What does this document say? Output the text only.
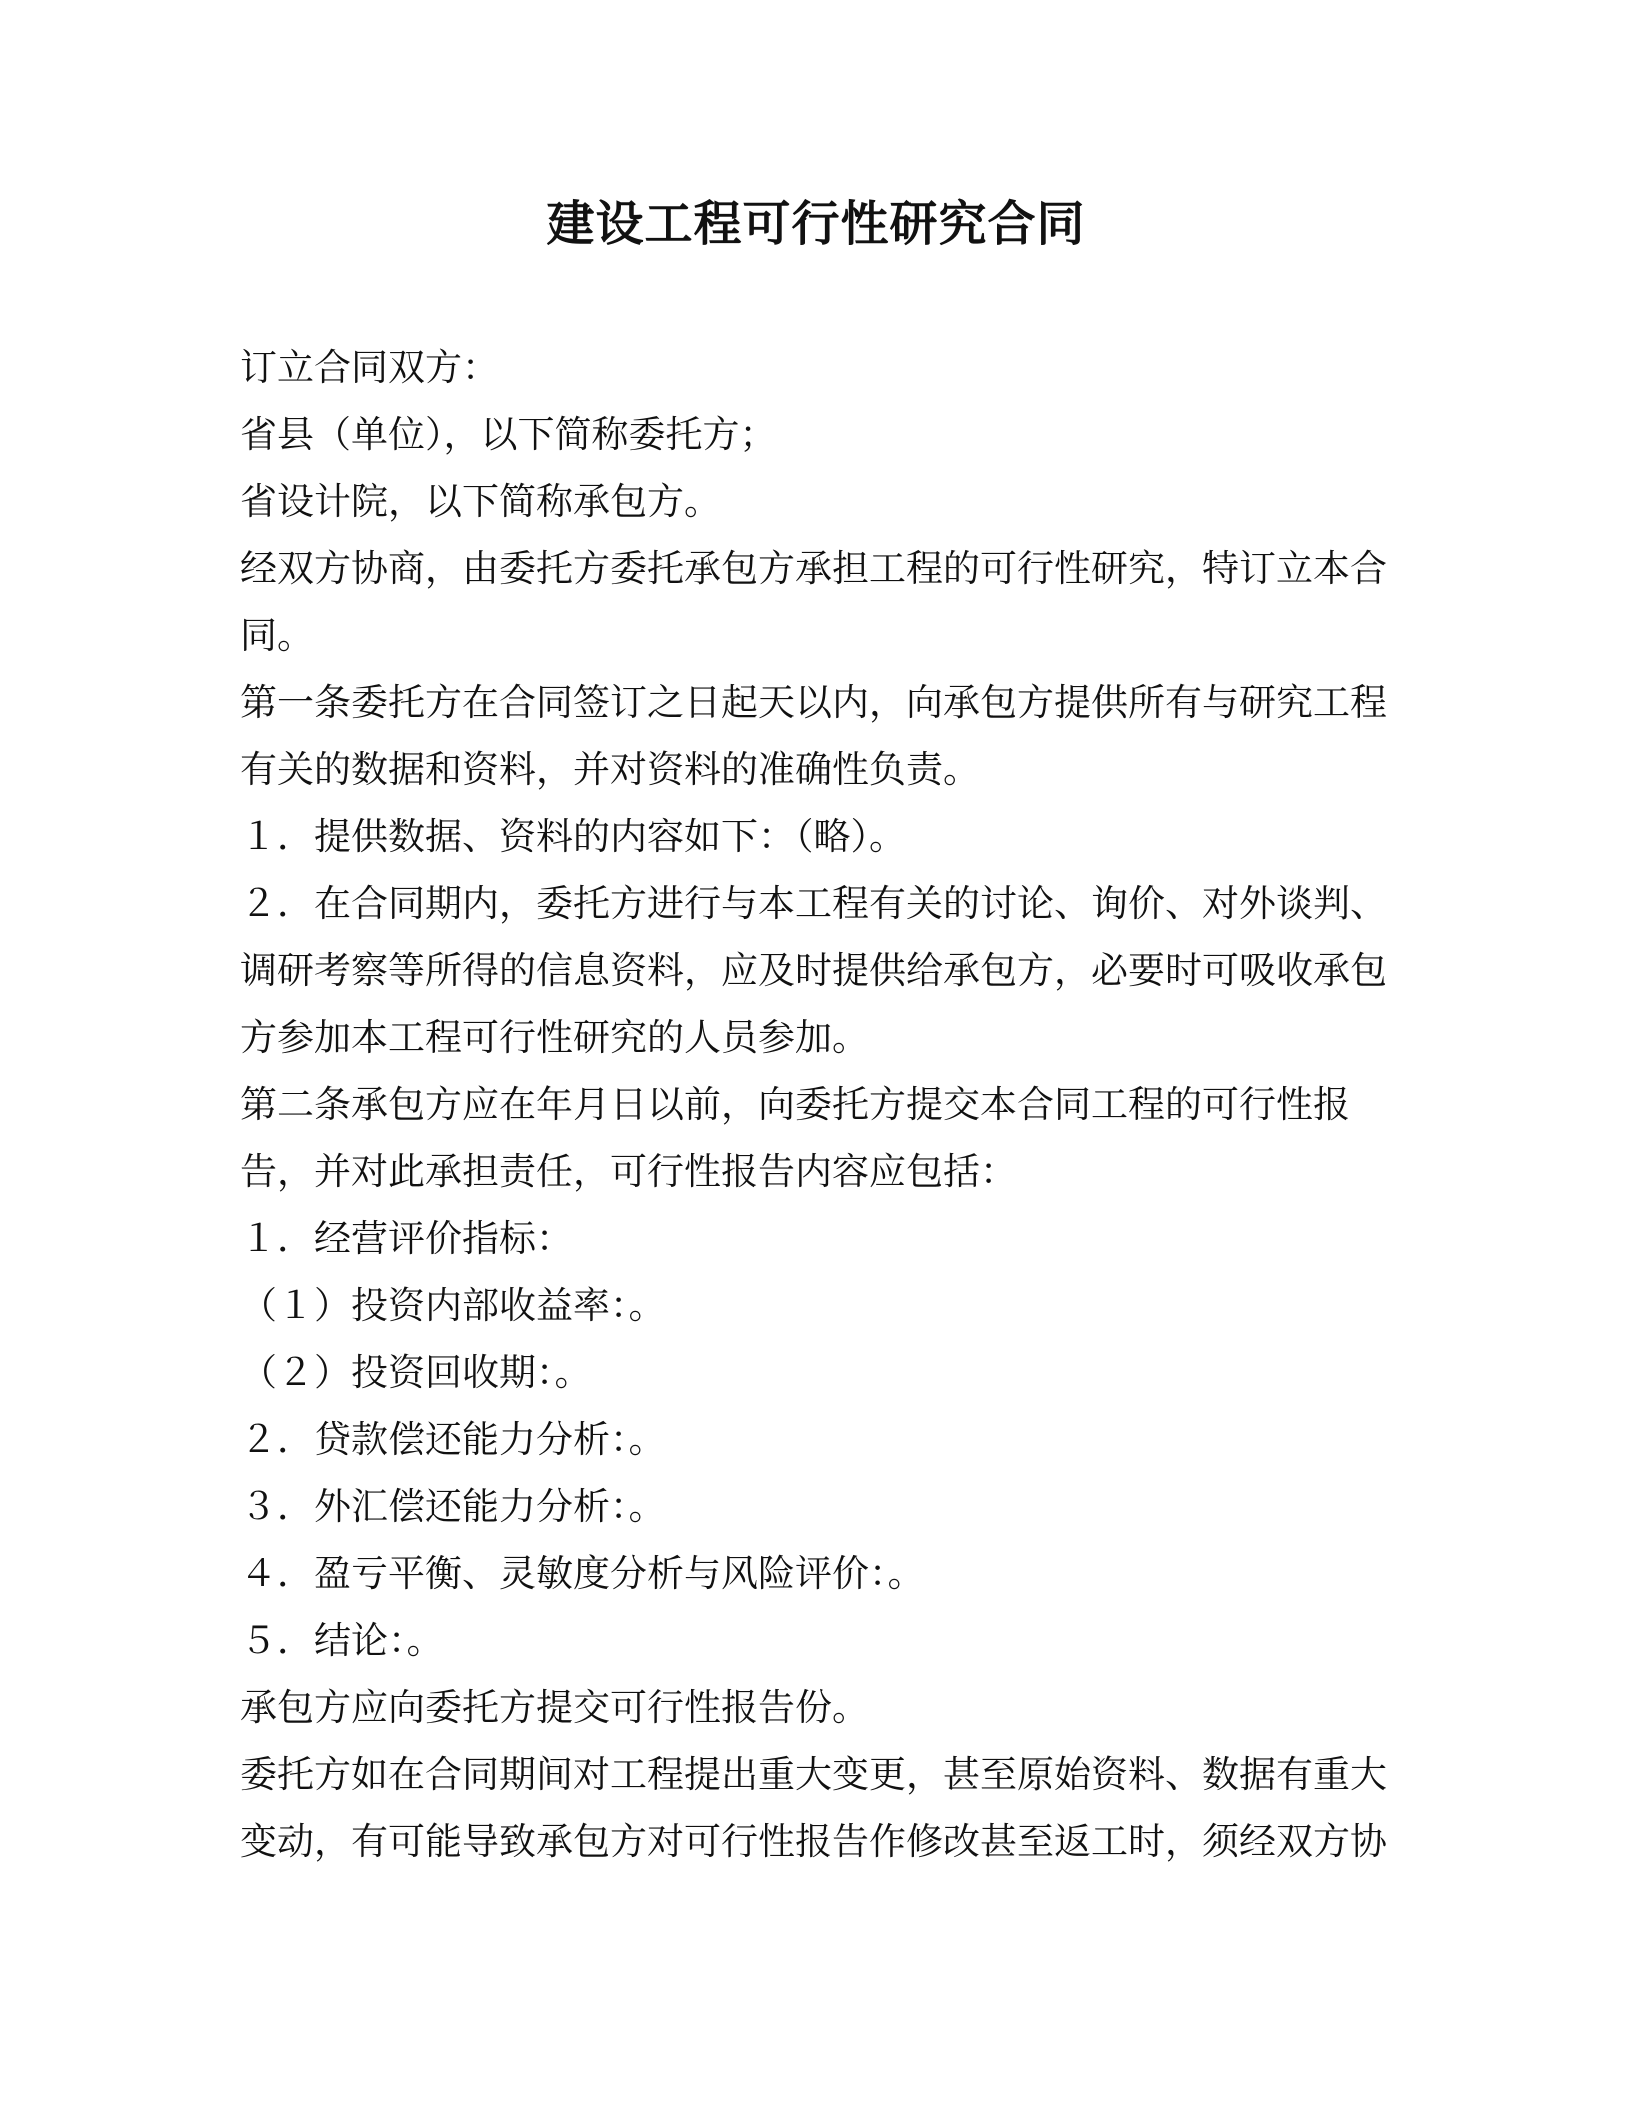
建设工程可行性研究合同

订立合同双方：

省县（单位），以下简称委托方；

省设计院，以下简称承包方。

经双方协商，由委托方委托承包方承担工程的可行性研究，特订立本合

同。

第一条委托方在合同签订之日起天以内，向承包方提供所有与研究工程

有关的数据和资料，并对资料的准确性负责。

１．提供数据、资料的内容如下：（略）。

２．在合同期内，委托方进行与本工程有关的讨论、询价、对外谈判、

调研考察等所得的信息资料，应及时提供给承包方，必要时可吸收承包

方参加本工程可行性研究的人员参加。

第二条承包方应在年月日以前，向委托方提交本合同工程的可行性报

告，并对此承担责任，可行性报告内容应包括：

１．经营评价指标：

（１）投资内部收益率：。

（２）投资回收期：。

２．贷款偿还能力分析：。

３．外汇偿还能力分析：。

４．盈亏平衡、灵敏度分析与风险评价：。

５．结论：。

承包方应向委托方提交可行性报告份。

委托方如在合同期间对工程提出重大变更，甚至原始资料、数据有重大

变动，有可能导致承包方对可行性报告作修改甚至返工时，须经双方协
